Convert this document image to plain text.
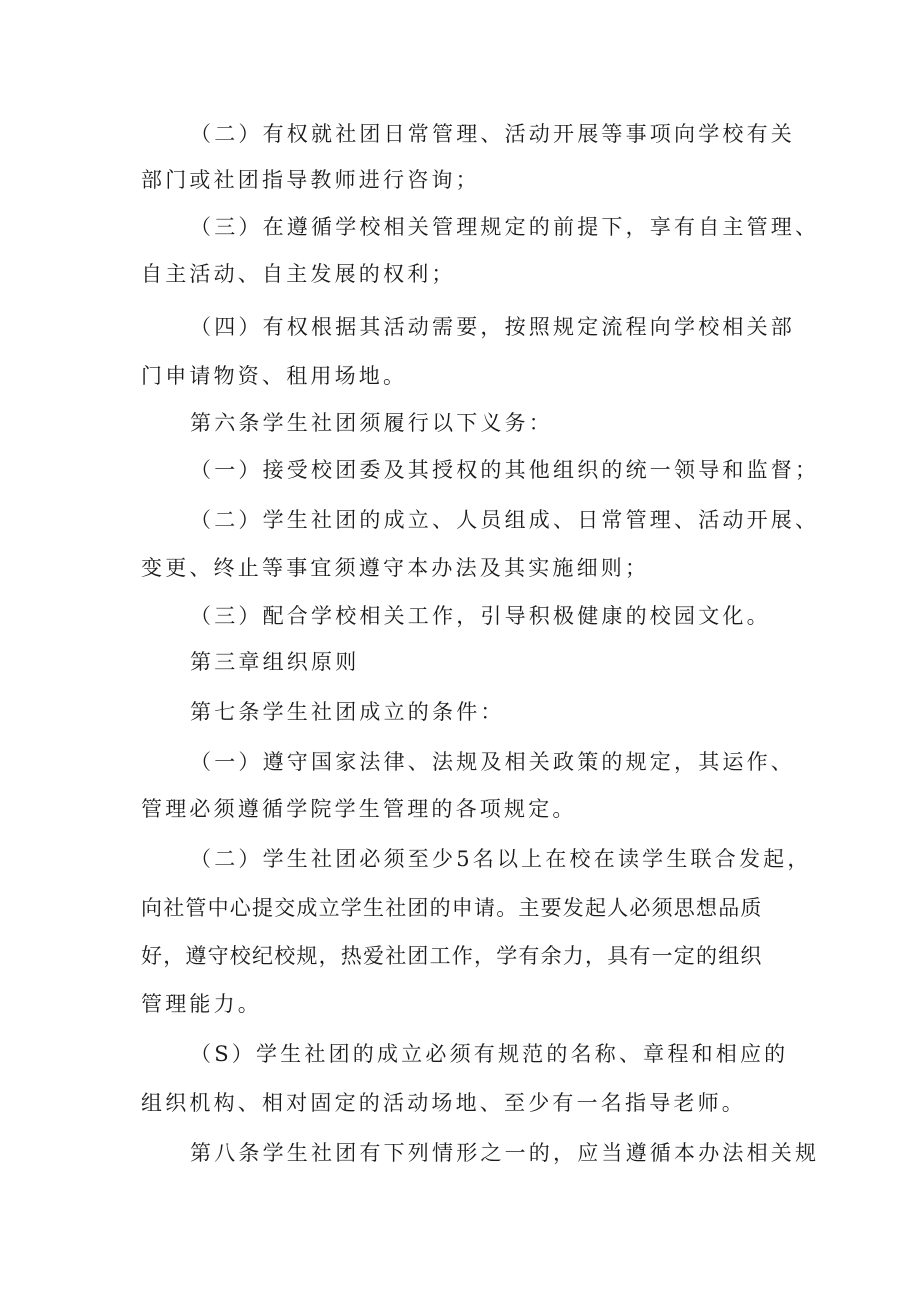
（二）有权就社团日常管理、活动开展等事项向学校有关
部门或社团指导教师进行咨询；
（三）在遵循学校相关管理规定的前提下，享有自主管理、
自主活动、自主发展的权利；
（四）有权根据其活动需要，按照规定流程向学校相关部
门申请物资、租用场地。
第六条学生社团须履行以下义务：
（一）接受校团委及其授权的其他组织的统一领导和监督；
（二）学生社团的成立、人员组成、日常管理、活动开展、
变更、终止等事宜须遵守本办法及其实施细则；
（三）配合学校相关工作，引导积极健康的校园文化。
第三章组织原则
第七条学生社团成立的条件：
（一）遵守国家法律、法规及相关政策的规定，其运作、
管理必须遵循学院学生管理的各项规定。
（二）学生社团必须至少5名以上在校在读学生联合发起，
向社管中心提交成立学生社团的申请。主要发起人必须思想品质
好，遵守校纪校规，热爱社团工作，学有余力，具有一定的组织
管理能力。
（S）学生社团的成立必须有规范的名称、章程和相应的
组织机构、相对固定的活动场地、至少有一名指导老师。
第八条学生社团有下列情形之一的，应当遵循本办法相关规
